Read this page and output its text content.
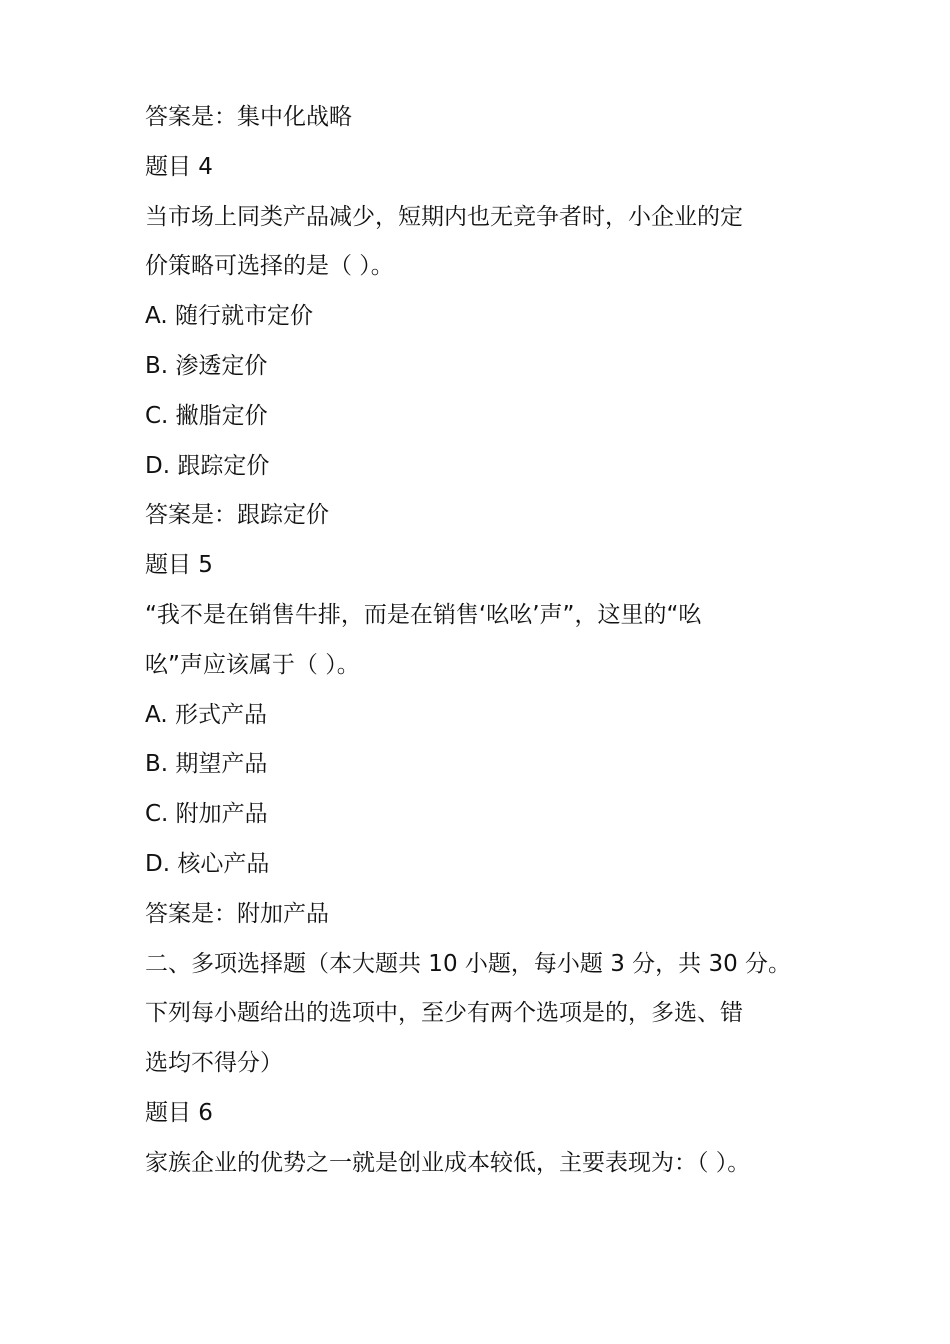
答案是：集中化战略
题目 4
当市场上同类产品减少，短期内也无竞争者时，小企业的定
价策略可选择的是（ ）。
A. 随行就市定价
B. 渗透定价
C. 撇脂定价
D. 跟踪定价
答案是：跟踪定价
题目 5
“我不是在销售牛排，而是在销售‘吆吆’声”，这里的“吆
吆”声应该属于（ ）。
A. 形式产品
B. 期望产品
C. 附加产品
D. 核心产品
答案是：附加产品
二、多项选择题（本大题共 10 小题，每小题 3 分，共 30 分。
下列每小题给出的选项中，至少有两个选项是的，多选、错
选均不得分）
题目 6
家族企业的优势之一就是创业成本较低，主要表现为：（ ）。
